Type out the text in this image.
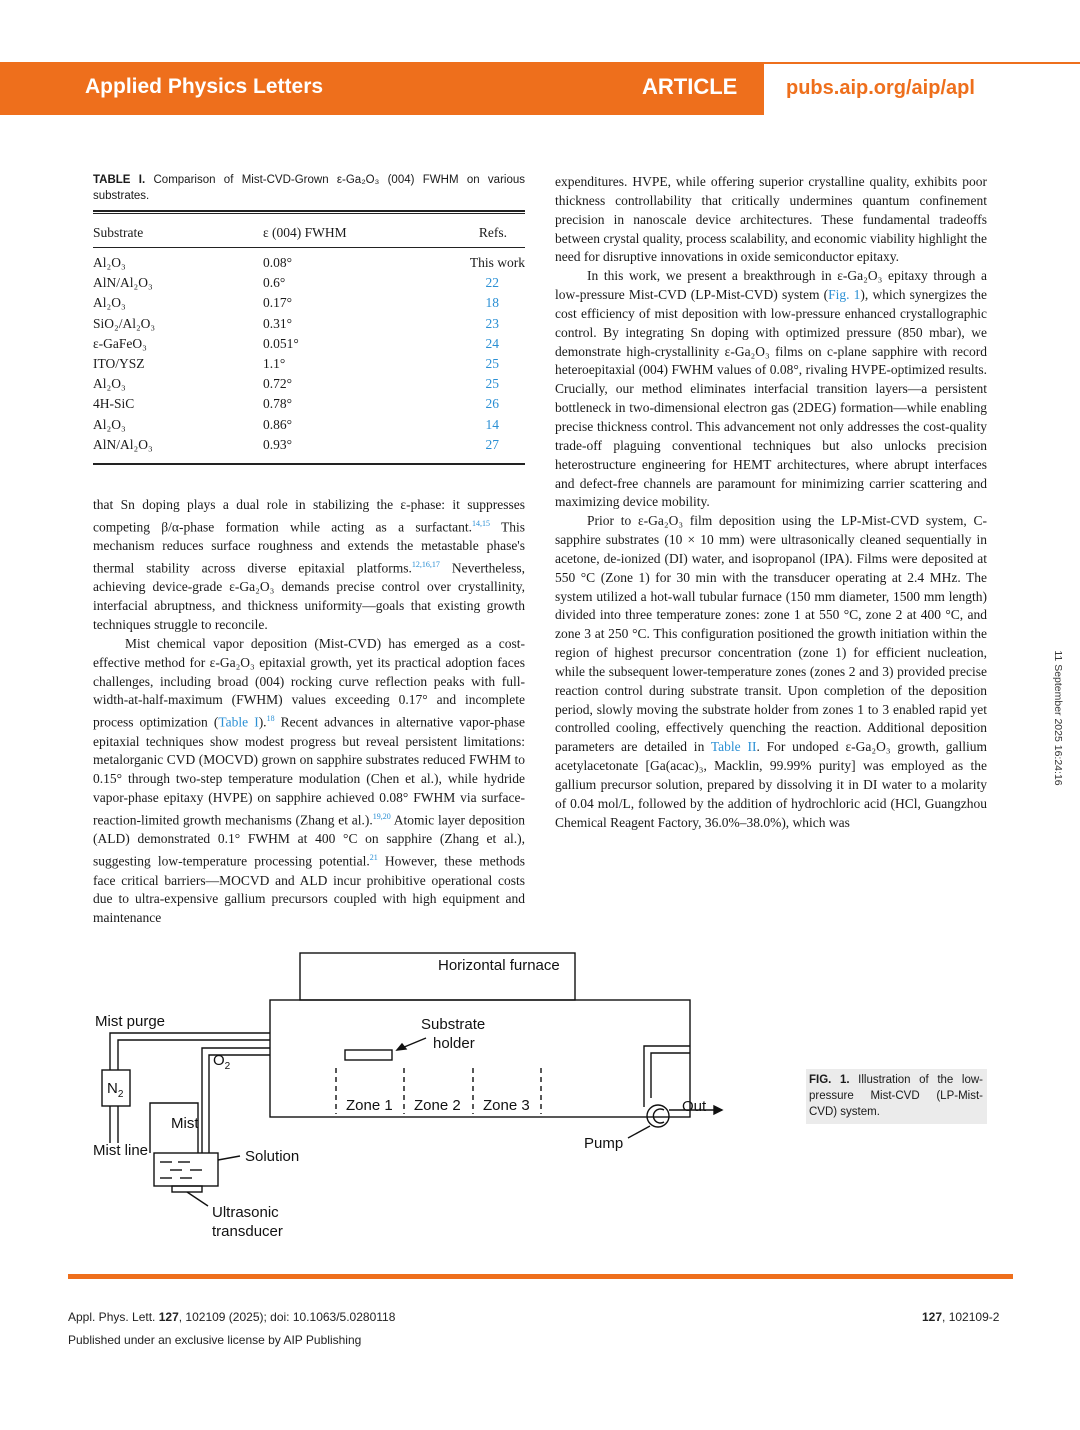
Applied Physics Letters	ARTICLE pubs.aip.org/aip/apl
11 September 2025 16:24:16
TABLE I. Comparison of Mist-CVD-Grown ε-Ga₂O₃ (004) FWHM on various substrates.
Substrate	ε (004) FWHM	Refs.
Al₂O₃	0.08°	This work
AlN/Al₂O₃	0.6°	22
Al₂O₃	0.17°	18
SiO₂/Al₂O₃	0.31°	23
ε-GaFeO₃	0.051°	24
ITO/YSZ	1.1°	25
Al₂O₃	0.72°	25
4H-SiC	0.78°	26
Al₂O₃	0.86°	14
AlN/Al₂O₃	0.93°	27

that Sn doping plays a dual role in stabilizing the ε-phase: it suppresses competing β/α-phase formation while acting as a surfactant.$^{14,15}$ This mechanism reduces surface roughness and extends the metastable phase's thermal stability across diverse epitaxial platforms.$^{12,16,17}$ Nevertheless, achieving device-grade ε-Ga₂O₃ demands precise control over crystallinity, interfacial abruptness, and thickness uniformity—goals that existing growth techniques struggle to reconcile.

Mist chemical vapor deposition (Mist-CVD) has emerged as a cost-effective method for ε-Ga₂O₃ epitaxial growth, yet its practical adoption faces challenges, including broad (004) rocking curve reflection peaks with full-width-at-half-maximum (FWHM) values exceeding 0.17° and incomplete process optimization (Table I).$^{18}$ Recent advances in alternative vapor-phase epitaxial techniques show modest progress but reveal persistent limitations: metalorganic CVD (MOCVD) grown on sapphire substrates reduced FWHM to 0.15° through two-step temperature modulation (Chen et al.), while hydride vapor-phase epitaxy (HVPE) on sapphire achieved 0.08° FWHM via surface-reaction-limited growth mechanisms (Zhang et al.).$^{19,20}$ Atomic layer deposition (ALD) demonstrated 0.1° FWHM at 400 °C on sapphire (Zhang et al.), suggesting low-temperature processing potential.$^{21}$ However, these methods face critical barriers—MOCVD and ALD incur prohibitive operational costs due to ultra-expensive gallium precursors coupled with high equipment and maintenance

expenditures. HVPE, while offering superior crystalline quality, exhibits poor thickness controllability that critically undermines quantum confinement precision in nanoscale device architectures. These fundamental tradeoffs between crystal quality, process scalability, and economic viability highlight the need for disruptive innovations in oxide semiconductor epitaxy.

In this work, we present a breakthrough in ε-Ga₂O₃ epitaxy through a low-pressure Mist-CVD (LP-Mist-CVD) system (Fig. 1), which synergizes the cost efficiency of mist deposition with low-pressure enhanced crystallographic control. By integrating Sn doping with optimized pressure (850 mbar), we demonstrate high-crystallinity ε-Ga₂O₃ films on c-plane sapphire with record heteroepitaxial (004) FWHM values of 0.08°, rivaling HVPE-optimized results. Crucially, our method eliminates interfacial transition layers—a persistent bottleneck in two-dimensional electron gas (2DEG) formation—while enabling precise thickness control. This advancement not only addresses the cost-quality trade-off plaguing conventional techniques but also unlocks precision heterostructure engineering for HEMT architectures, where abrupt interfaces and defect-free channels are paramount for minimizing carrier scattering and maximizing device mobility.

Prior to ε-Ga₂O₃ film deposition using the LP-Mist-CVD system, C-sapphire substrates (10 × 10 mm) were ultrasonically cleaned sequentially in acetone, de-ionized (DI) water, and isopropanol (IPA). Films were deposited at 550 °C (Zone 1) for 30 min with the transducer operating at 2.4 MHz. The system utilized a hot-wall tubular furnace (150 mm diameter, 1500 mm length) divided into three temperature zones: zone 1 at 550 °C, zone 2 at 400 °C, and zone 3 at 250 °C. This configuration positioned the growth initiation within the region of highest precursor concentration (zone 1) for efficient nucleation, while the subsequent lower-temperature zones (zones 2 and 3) provided precise reaction control during substrate transit. Upon completion of the deposition period, slowly moving the substrate holder from zones 1 to 3 enabled rapid yet controlled cooling, effectively quenching the reaction. Additional deposition parameters are detailed in Table II. For undoped ε-Ga₂O₃ growth, gallium acetylacetonate [Ga(acac)₃, Macklin, 99.99% purity] was employed as the gallium precursor solution, prepared by dissolving it in DI water to a molarity of 0.04 mol/L, followed by the addition of hydrochloric acid (HCl, Guangzhou Chemical Reagent Factory, 36.0%–38.0%), which was

Horizontal furnace
Substrate
holder
Zone 1 Zone 2 Zone 3
Mist purge
$N_2$
$O_2$
Mist
Mist line	Solution
Ultrasonic
transducer
Out
Pump
FIG. 1. Illustration of the low-pressure Mist-CVD (LP-Mist-CVD) system.
Appl. Phys. Lett. 127, 102109 (2025); doi: 10.1063/5.0280118
Published under an exclusive license by AIP Publishing
127, 102109-2
